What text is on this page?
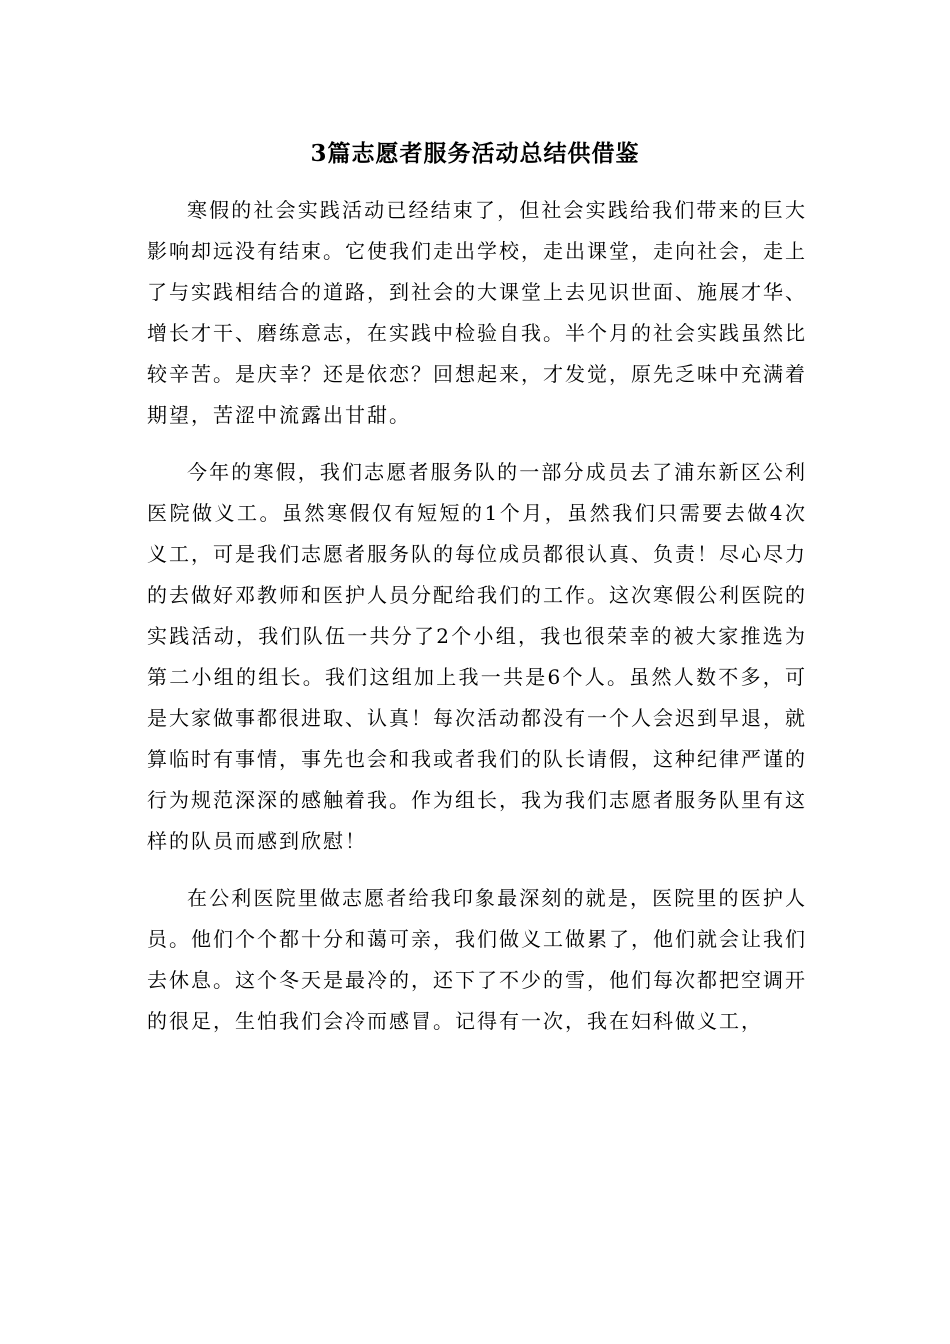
3篇志愿者服务活动总结供借鉴

寒假的社会实践活动已经结束了，但社会实践给我们带来的巨大影响却远没有结束。它使我们走出学校，走出课堂，走向社会，走上了与实践相结合的道路，到社会的大课堂上去见识世面、施展才华、增长才干、磨练意志，在实践中检验自我。半个月的社会实践虽然比较辛苦。是庆幸？还是依恋？回想起来，才发觉，原先乏味中充满着期望，苦涩中流露出甘甜。

今年的寒假，我们志愿者服务队的一部分成员去了浦东新区公利医院做义工。虽然寒假仅有短短的1个月，虽然我们只需要去做4次义工，可是我们志愿者服务队的每位成员都很认真、负责！尽心尽力的去做好邓教师和医护人员分配给我们的工作。这次寒假公利医院的实践活动，我们队伍一共分了2个小组，我也很荣幸的被大家推选为第二小组的组长。我们这组加上我一共是6个人。虽然人数不多，可是大家做事都很进取、认真！每次活动都没有一个人会迟到早退，就算临时有事情，事先也会和我或者我们的队长请假，这种纪律严谨的行为规范深深的感触着我。作为组长，我为我们志愿者服务队里有这样的队员而感到欣慰！

在公利医院里做志愿者给我印象最深刻的就是，医院里的医护人员。他们个个都十分和蔼可亲，我们做义工做累了，他们就会让我们去休息。这个冬天是最冷的，还下了不少的雪，他们每次都把空调开的很足，生怕我们会冷而感冒。记得有一次，我在妇科做义工，
